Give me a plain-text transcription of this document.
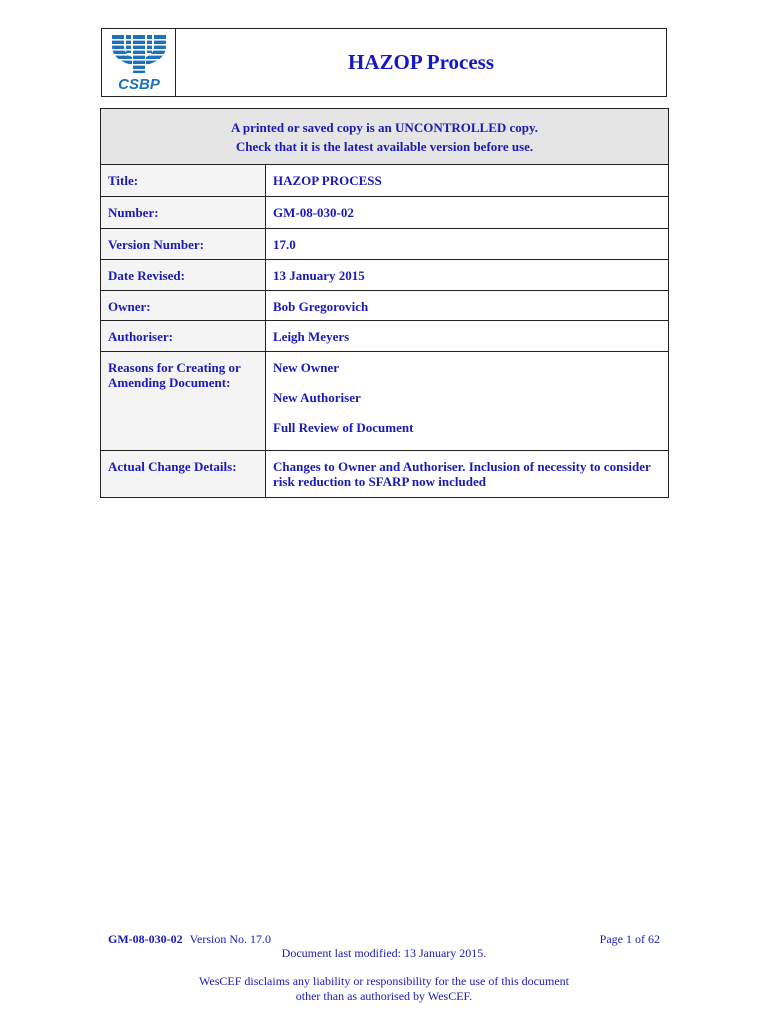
CSBP
HAZOP Process
A printed or saved copy is an UNCONTROLLED copy.
Check that it is the latest available version before use.	

Title:	HAZOP PROCESS
Number:	GM-08-030-02
Version Number:	17.0
Date Revised:	13 January 2015
Owner:	Bob Gregorovich
Authoriser:	Leigh Meyers
Reasons for Creating or Amending Document:	New Owner
New Authoriser
Full Review of Document

Actual Change Details:	Changes to Owner and Authoriser. Inclusion of necessity to consider risk reduction to SFARP now included
GM-08-030-02 Version No. 17.0	Page 1 of 62
Document last modified: 13 January 2015.
WesCEF disclaims any liability or responsibility for the use of this document
other than as authorised by WesCEF.
